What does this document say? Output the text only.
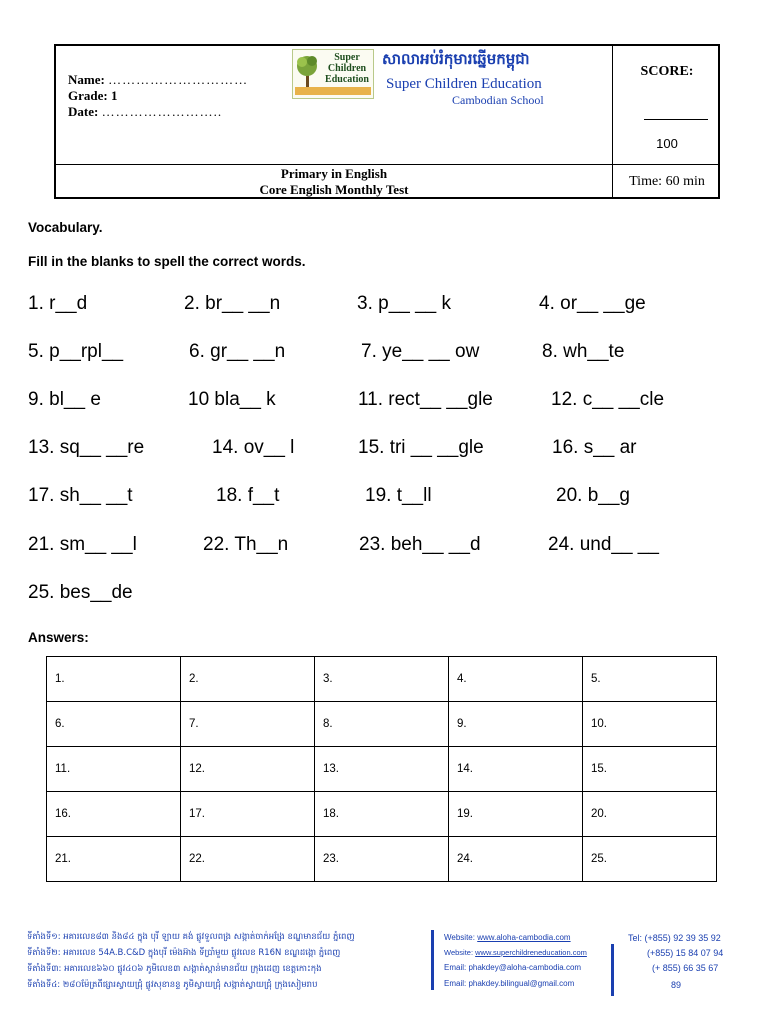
Name: …………………………
Grade: 1
Date: ……………………..
Super Children Education
សាលាអប់រំកុមារឆ្នើមកម្ពុជា
Super Children Education
Cambodian School
SCORE:
100
Primary in English
Core English Monthly Test
Time: 60 min
Vocabulary.
Fill in the blanks to spell the correct words.
1. r__d	2. br__ __n	3. p__ __ k	4. or__ __ge
5. p__rpl__	6. gr__ __n	7. ye__ __ ow	8. wh__te
9. bl__ e	10 bla__ k	11. rect__ __gle	12. c__ __cle
13. sq__ __re	14. ov__ l	15. tri __ __gle	16. s__ ar
17. sh__ __t	18. f__t	19. t__ll	20. b__g
21. sm__ __l	22. Th__n	23. beh__ __d	24. und__ __
25. bes__de
Answers:
1.	2.	3.	4.	5.
6.	7.	8.	9.	10.
11.	12.	13.	14.	15.
16.	17.	18.	19.	20.
21.	22.	23.	24.	25.
ទីតាំងទី១: អគារលេខ៨៣ និង៨៤ ក្នុង បុរី ឡាយ គង់ ផ្លូវទួលពង្រ សង្កាត់ចាក់អង្រែ ខណ្ឌមានជ័យ ភ្នំពេញ
ទីតាំងទី២: អគារលេខ 54A.B.C&D ក្នុងបុរី ម៉េងអ៊ាង ទីប្រាំមួយ ផ្លូវលេខ R16N ខណ្ឌដង្កោ ភ្នំពេញ
ទីតាំងទី៣: អគារលេខ៦៦០ ផ្លូវ៤០៦ ភូមិលេខ៣ សង្កាត់ស្ពាន់មានជ័យ ក្រុងដេញ ខេត្តកោះកុង
ទីតាំងទី៤: ២៨០ម៉ែត្រពីផ្សារស្វាយជ្រុំ ផ្លូវសុខានន្ទ ភូមិស្វាយជ្រុំ សង្កាត់ស្វាយជ្រុំ ក្រុងសៀមរាប
Website: www.aloha-cambodia.com
Website: www.superchildreneducation.com
Email: phakdey@aloha-cambodia.com
Email: phakdey.bilingual@gmail.com
Tel: (+855) 92 39 35 92
(+855) 15 84 07 94
(+ 855) 66 35 67
89
